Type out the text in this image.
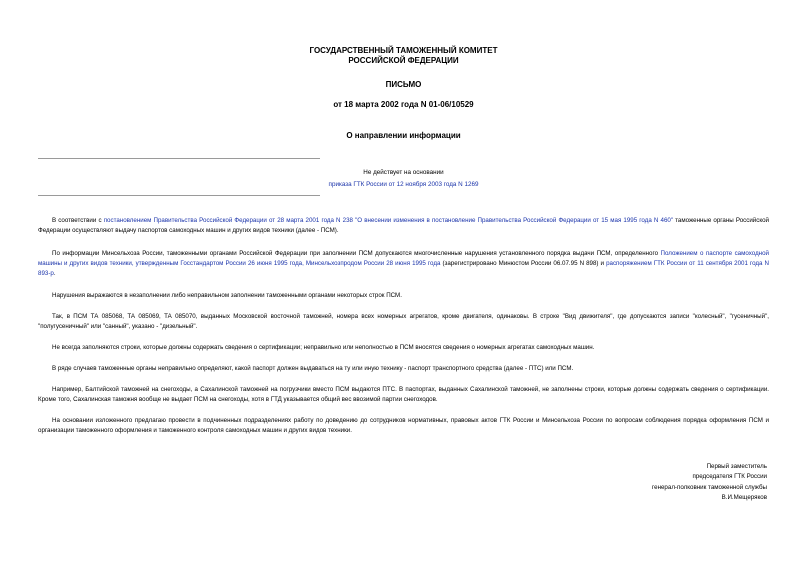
ГОСУДАРСТВЕННЫЙ ТАМОЖЕННЫЙ КОМИТЕТ
РОССИЙСКОЙ ФЕДЕРАЦИИ
ПИСЬМО
от 18 марта 2002 года N 01-06/10529
О направлении информации
Не действует на основании
приказа ГТК России от 12 ноября 2003 года N 1269

В соответствии с постановлением Правительства Российской Федерации от 28 марта 2001 года N 238 "О внесении изменения в постановление Правительства Российской Федерации от 15 мая 1995 года N 460" таможенные органы Российской Федерации осуществляют выдачу паспортов самоходных машин и других видов техники (далее - ПСМ).

По информации Минсельхоза России, таможенными органами Российской Федерации при заполнении ПСМ допускаются многочисленные нарушения установленного порядка выдачи ПСМ, определенного Положением о паспорте самоходной машины и других видов техники, утвержденным Госстандартом России 26 июня 1995 года, Минсельхозпродом России 28 июня 1995 года (зарегистрировано Минюстом России 06.07.95 N 898) и распоряжением ГТК России от 11 сентября 2001 года N 893-р.

Нарушения выражаются в незаполнении либо неправильном заполнении таможенными органами некоторых строк ПСМ.

Так, в ПСМ ТА 085068, ТА 085069, ТА 085070, выданных Московской восточной таможней, номера всех номерных агрегатов, кроме двигателя, одинаковы. В строке "Вид движителя", где допускаются записи "колесный", "гусеничный", "полугусеничный" или "санный", указано - "дизельный".

Не всегда заполняются строки, которые должны содержать сведения о сертификации; неправильно или неполностью в ПСМ вносятся сведения о номерных агрегатах самоходных машин.

В ряде случаев таможенные органы неправильно определяют, какой паспорт должен выдаваться на ту или иную технику - паспорт транспортного средства (далее - ПТС) или ПСМ.

Например, Балтийской таможней на снегоходы, а Сахалинской таможней на погрузчики вместо ПСМ выдаются ПТС. В паспортах, выданных Сахалинской таможней, не заполнены строки, которые должны содержать сведения о сертификации. Кроме того, Сахалинская таможня вообще не выдает ПСМ на снегоходы, хотя в ГТД указывается общий вес ввозимой партии снегоходов.

На основании изложенного предлагаю провести в подчиненных подразделениях работу по доведению до сотрудников нормативных, правовых актов ГТК России и Минсельхоза России по вопросам соблюдения порядка оформления ПСМ и организации таможенного оформления и таможенного контроля самоходных машин и других видов техники.

Первый заместитель
председателя ГТК России
генерал-полковник таможенной службы
В.И.Мещеряков
